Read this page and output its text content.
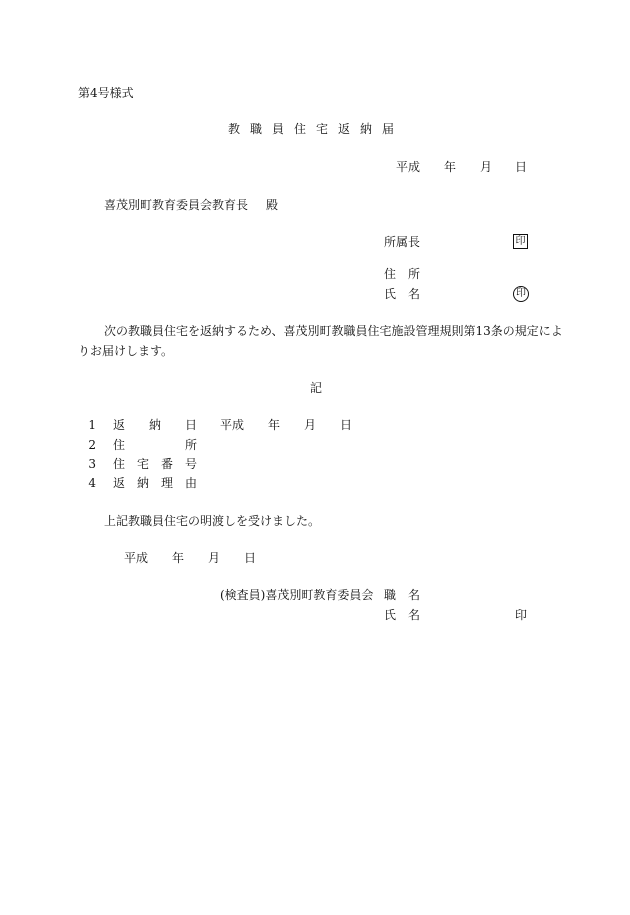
第4号様式

教職員住宅返納届
平成 年 月 日
喜茂別町教育委員会教育長 殿
所属長	印
住　所
氏　名	印

次の教職員住宅を返納するため、喜茂別町教職員住宅施設管理規則第13条の規定によ

りお届けします。

記

1 返　　納　　日 平成　　年　　月　　日
2 住　　　　　所
3 住　宅　番　号
4 返　納　理　由

上記教職員住宅の明渡しを受けました。

平成 年 月 日
(検査員)喜茂別町教育委員会 職　名
氏　名	印
